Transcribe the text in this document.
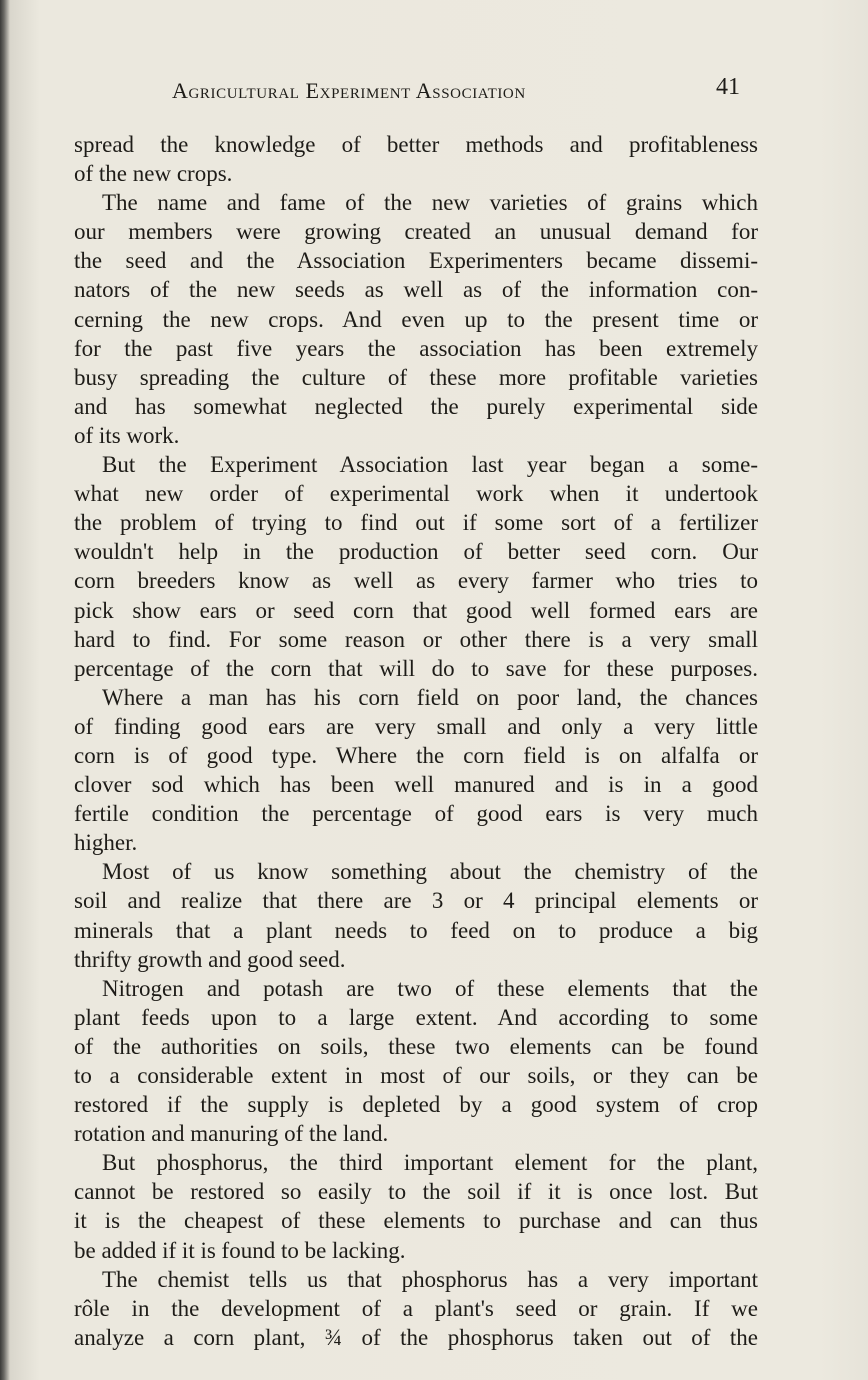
Agricultural Experiment Association	41
spread the knowledge of better methods and profitableness
of the new crops.
The name and fame of the new varieties of grains which
our members were growing created an unusual demand for
the seed and the Association Experimenters became dissemi-
nators of the new seeds as well as of the information con-
cerning the new crops. And even up to the present time or
for the past five years the association has been extremely
busy spreading the culture of these more profitable varieties
and has somewhat neglected the purely experimental side
of its work.
But the Experiment Association last year began a some-
what new order of experimental work when it undertook
the problem of trying to find out if some sort of a fertilizer
wouldn't help in the production of better seed corn. Our
corn breeders know as well as every farmer who tries to
pick show ears or seed corn that good well formed ears are
hard to find. For some reason or other there is a very small
percentage of the corn that will do to save for these purposes.
Where a man has his corn field on poor land, the chances
of finding good ears are very small and only a very little
corn is of good type. Where the corn field is on alfalfa or
clover sod which has been well manured and is in a good
fertile condition the percentage of good ears is very much
higher.
Most of us know something about the chemistry of the
soil and realize that there are 3 or 4 principal elements or
minerals that a plant needs to feed on to produce a big
thrifty growth and good seed.
Nitrogen and potash are two of these elements that the
plant feeds upon to a large extent. And according to some
of the authorities on soils, these two elements can be found
to a considerable extent in most of our soils, or they can be
restored if the supply is depleted by a good system of crop
rotation and manuring of the land.
But phosphorus, the third important element for the plant,
cannot be restored so easily to the soil if it is once lost. But
it is the cheapest of these elements to purchase and can thus
be added if it is found to be lacking.
The chemist tells us that phosphorus has a very important
rôle in the development of a plant's seed or grain. If we
analyze a corn plant, ¾ of the phosphorus taken out of the
